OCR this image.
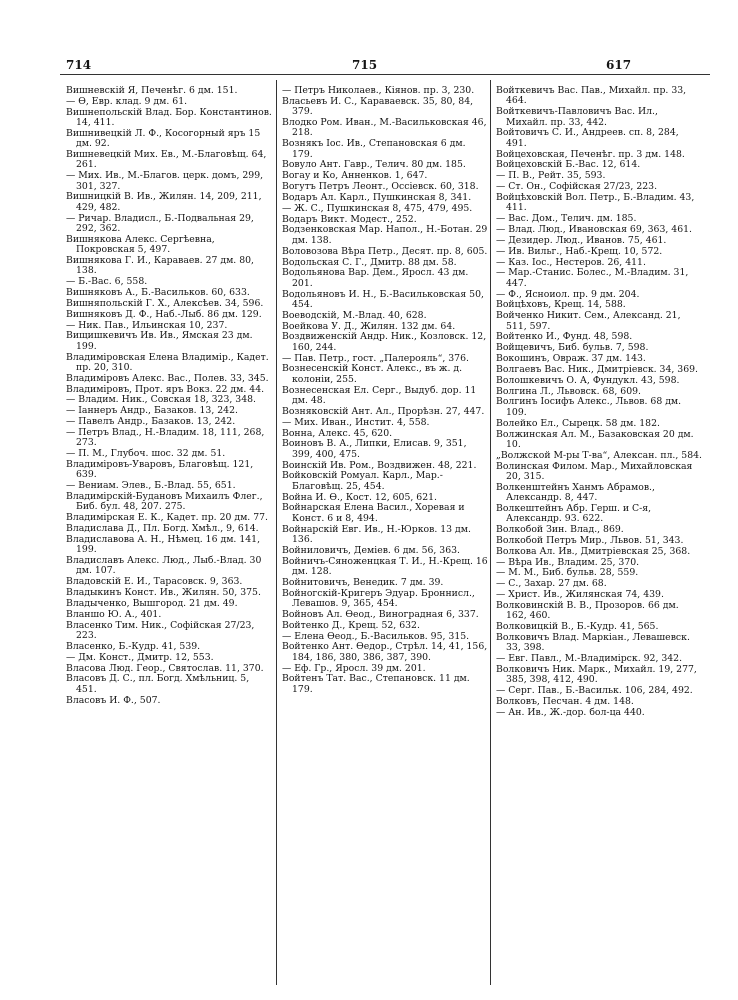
714	715	617
Вишневскiй Я, Печенѣг. 6 дм. 151.
— Ѳ, Евр. клад. 9 дм. 61.
Вишнепольскiй Влад. Бор. Константинов. 14, 411.
Вишнивецкiй Л. Ф., Косогорный яръ 15 дм. 92.
Вишневецкiй Мих. Ев., М.-Благовѣщ. 64, 261.
— Мих. Ив., М.-Благов. церк. домъ, 299, 301, 327.
Вишницкiй В. Ив., Жилян. 14, 209, 211, 429, 482.
— Ричар. Владисл., Б.-Подвальная 29, 292, 362.
Вишнякова Алекс. Сергѣевна, Покровская 5, 497.
Вишнякова Г. И., Караваев. 27 дм. 80, 138.
— Б.-Вас. 6, 558.
Вишняковъ А., Б.-Васильков. 60, 633.
Вишняпольскiй Г. Х., Алексѣев. 34, 596.
Вишняковъ Д. Ф., Наб.-Лыб. 86 дм. 129.
— Ник. Пав., Ильинская 10, 237.
Вищишкевичъ Ив. Ив., Ямская 23 дм. 199.
Владимiровская Елена Владимiр., Кадет. пр. 20, 310.
Владимiровъ Алекс. Вас., Полев. 33, 345.
Владимiровъ, Прот. яръ Вокз. 22 дм. 44.
— Владим. Ник., Совская 18, 323, 348.
— Іаннеръ Андр., Базаков. 13, 242.
— Павелъ Андр., Базаков. 13, 242.
— Петръ Влад., Н.-Владим. 18, 111, 268, 273.
— П. М., Глубоч. шос. 32 дм. 51.
Владимiровъ-Уваровъ, Благовѣщ. 121, 639.
— Вениам. Элев., Б.-Влад. 55, 651.
Владимiрскiй-Будановъ Михаилъ Флег., Биб. бул. 48, 207. 275.
Владимiрская Е. К., Кадет. пр. 20 дм. 77.
Владислава Д., Пл. Богд. Хмѣл., 9, 614.
Владиславова А. Н., Нѣмец. 16 дм. 141, 199.
Владиславъ Алекс. Люд., Лыб.-Влад. 30 дм. 107.
Владовскiй Е. И., Тарасовск. 9, 363.
Владыкинъ Конст. Ив., Жилян. 50, 375.
Владыченко, Вышгород. 21 дм. 49.
Вланшо Ю. А., 401.
Власенко Тим. Ник., Софiйская 27/23, 223.
Власенко, Б.-Кудр. 41, 539.
— Дм. Конст., Дмитр. 12, 553.
Власова Люд. Геор., Святослав. 11, 370.
Власовъ Д. С., пл. Богд. Хмѣльниц. 5, 451.
Власовъ И. Ф., 507.
— Петръ Николаев., Кiянов. пр. 3, 230.
Власьевъ И. С., Караваевск. 35, 80, 84, 379.
Влодко Ром. Иван., М.-Васильковская 46, 218.
Вознякъ Іос. Ив., Степановская 6 дм. 179.
Вовуло Ант. Гавр., Телич. 80 дм. 185.
Вогау и Ко, Анненков. 1, 647.
Вогутъ Петръ Леонт., Оссiевск. 60, 318.
Водаръ Ал. Карл., Пушкинская 8, 341.
— Ж. С., Пушкинская 8, 475, 479, 495.
Водаръ Викт. Модест., 252.
Водзенковская Мар. Напол., Н.-Ботан. 29 дм. 138.
Воловозова Вѣра Петр., Десят. пр. 8, 605.
Водольская С. Г., Дмитр. 88 дм. 58.
Водольянова Вар. Дем., Яросл. 43 дм. 201.
Водольяновъ И. Н., Б.-Васильковская 50, 454.
Воеводскiй, М.-Влад. 40, 628.
Воейкова У. Д., Жилян. 132 дм. 64.
Воздвиженскiй Андр. Ник., Козловск. 12, 160, 244.
— Пав. Петр., гост. „Палерояль“, 376.
Вознесенскiй Конст. Алекс., въ ж. д. колонiи, 255.
Вознесенская Ел. Серг., Выдуб. дор. 11 дм. 48.
Возняковскiй Ант. Ал., Прорѣзн. 27, 447.
— Мих. Иван., Инстит. 4, 558.
Вонна, Алекс. 45, 620.
Воиновъ В. А., Липки, Елисав. 9, 351, 399, 400, 475.
Воинскiй Ив. Ром., Воздвижен. 48, 221.
Войковскiй Ромуал. Карл., Мар.-Благовѣщ. 25, 454.
Война И. Ѳ., Кост. 12, 605, 621.
Войнарская Елена Васил., Хоревая и Конст. 6 и 8, 494.
Войнарскiй Евг. Ив., Н.-Юрков. 13 дм. 136.
Войниловичъ, Демiев. 6 дм. 56, 363.
Войничъ-Сяноженцкая Т. И., Н.-Крещ. 16 дм. 128.
Войнитовичъ, Венедик. 7 дм. 39.
Войногскiй-Кригеръ Эдуар. Броннисл., Левашов. 9, 365, 454.
Войновъ Ал. Ѳеод., Виноградная 6, 337.
Войтенко Д., Крещ. 52, 632.
— Елена Ѳеод., Б.-Васильков. 95, 315.
Войтенко Ант. Ѳедор., Стрѣл. 14, 41, 156, 184, 186, 380, 386, 387, 390.
— Еф. Гр., Яросл. 39 дм. 201.
Войтенъ Тат. Вас., Степановск. 11 дм. 179.
Войткевичъ Вас. Пав., Михайл. пр. 33, 464.
Войткевичъ-Павловичъ Вас. Ил., Михайл. пр. 33, 442.
Войтовичъ С. И., Андреев. сп. 8, 284, 491.
Войцеховская, Печенѣг. пр. 3 дм. 148.
Войцеховскiй Б.-Вас. 12, 614.
— П. В., Рейт. 35, 593.
— Ст. Он., Софiйская 27/23, 223.
Войцѣховскiй Вол. Петр., Б.-Владим. 43, 411.
— Вас. Дом., Телич. дм. 185.
— Влад. Люд., Ивановская 69, 363, 461.
— Дезидер. Люд., Иванов. 75, 461.
— Ив. Вильг., Наб.-Крещ. 10, 572.
— Каз. Іос., Нестеров. 26, 411.
— Мар.-Станис. Болес., М.-Владим. 31, 447.
— Ф., Ясноиол. пр. 9 дм. 204.
Войцѣховъ, Крещ. 14, 588.
Войченко Никит. Сем., Александ. 21, 511, 597.
Войтенко И., Фунд. 48, 598.
Войщевичъ, Биб. бульв. 7, 598.
Вокошинъ, Оврaж. 37 дм. 143.
Волгаевъ Вас. Ник., Дмитрiевск. 34, 369.
Волошкевичъ О. А, Фундукл. 43, 598.
Волгина Л., Львовск. 68, 609.
Волгинъ Іосифъ Алекс., Львов. 68 дм. 109.
Волейко Ел., Сырецк. 58 дм. 182.
Волжинская Ал. М., Базаковская 20 дм. 10.
„Волжской М-ры Т-ва“, Алексан. пл., 584.
Волинская Филом. Мар., Михайловская 20, 315.
Волкенштейнъ Ханмъ Абрамов., Александр. 8, 447.
Волкештейнъ Абр. Герш. и С-я, Александр. 93. 622.
Волкобой Зин. Влад., 869.
Волкобой Петръ Мир., Львов. 51, 343.
Волкова Ал. Ив., Дмитрiевская 25, 368.
— Вѣра Ив., Владим. 25, 370.
— М. М., Биб. бульв. 28, 559.
— С., Захар. 27 дм. 68.
— Христ. Ив., Жилянская 74, 439.
Волковинскiй В. В., Прозоров. 66 дм. 162, 460.
Волковицкiй В., Б.-Кудр. 41, 565.
Волковичъ Влад. Маркiан., Левашевск. 33, 398.
— Евг. Павл., М.-Владимiрск. 92, 342.
Волковичъ Ник. Марк., Михайл. 19, 277, 385, 398, 412, 490.
— Серг. Пав., Б.-Васильк. 106, 284, 492.
Волковъ, Песчан. 4 дм. 148.
— Ан. Ив., Ж.-дор. бол-ца 440.
